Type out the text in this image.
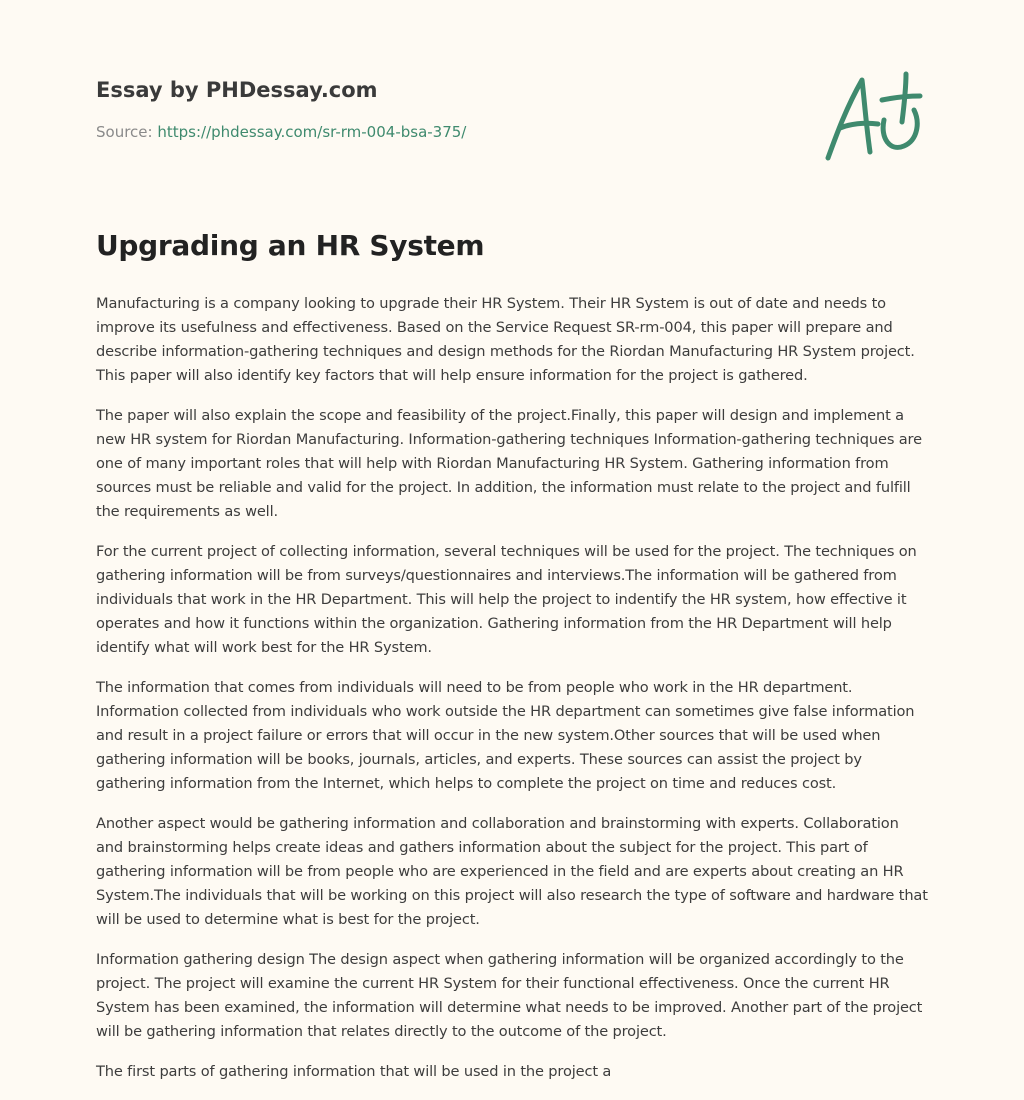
Essay by PHDessay.com
Source: https://phdessay.com/sr-rm-004-bsa-375/
Upgrading an HR System

Manufacturing is a company looking to upgrade their HR System. Their HR System is out of date and needs to improve its usefulness and effectiveness. Based on the Service Request SR-rm-004, this paper will prepare and describe information-gathering techniques and design methods for the Riordan Manufacturing HR System project. This paper will also identify key factors that will help ensure information for the project is gathered.

The paper will also explain the scope and feasibility of the project.Finally, this paper will design and implement a new HR system for Riordan Manufacturing. Information-gathering techniques Information-gathering techniques are one of many important roles that will help with Riordan Manufacturing HR System. Gathering information from sources must be reliable and valid for the project. In addition, the information must relate to the project and fulfill the requirements as well.

For the current project of collecting information, several techniques will be used for the project. The techniques on gathering information will be from surveys/questionnaires and interviews.The information will be gathered from individuals that work in the HR Department. This will help the project to indentify the HR system, how effective it operates and how it functions within the organization. Gathering information from the HR Department will help identify what will work best for the HR System.

The information that comes from individuals will need to be from people who work in the HR department. Information collected from individuals who work outside the HR department can sometimes give false information and result in a project failure or errors that will occur in the new system.Other sources that will be used when gathering information will be books, journals, articles, and experts. These sources can assist the project by gathering information from the Internet, which helps to complete the project on time and reduces cost.

Another aspect would be gathering information and collaboration and brainstorming with experts. Collaboration and brainstorming helps create ideas and gathers information about the subject for the project. This part of gathering information will be from people who are experienced in the field and are experts about creating an HR System.The individuals that will be working on this project will also research the type of software and hardware that will be used to determine what is best for the project.

Information gathering design The design aspect when gathering information will be organized accordingly to the project. The project will examine the current HR System for their functional effectiveness. Once the current HR System has been examined, the information will determine what needs to be improved. Another part of the project will be gathering information that relates directly to the outcome of the project.

The first parts of gathering information that will be used in the project a
